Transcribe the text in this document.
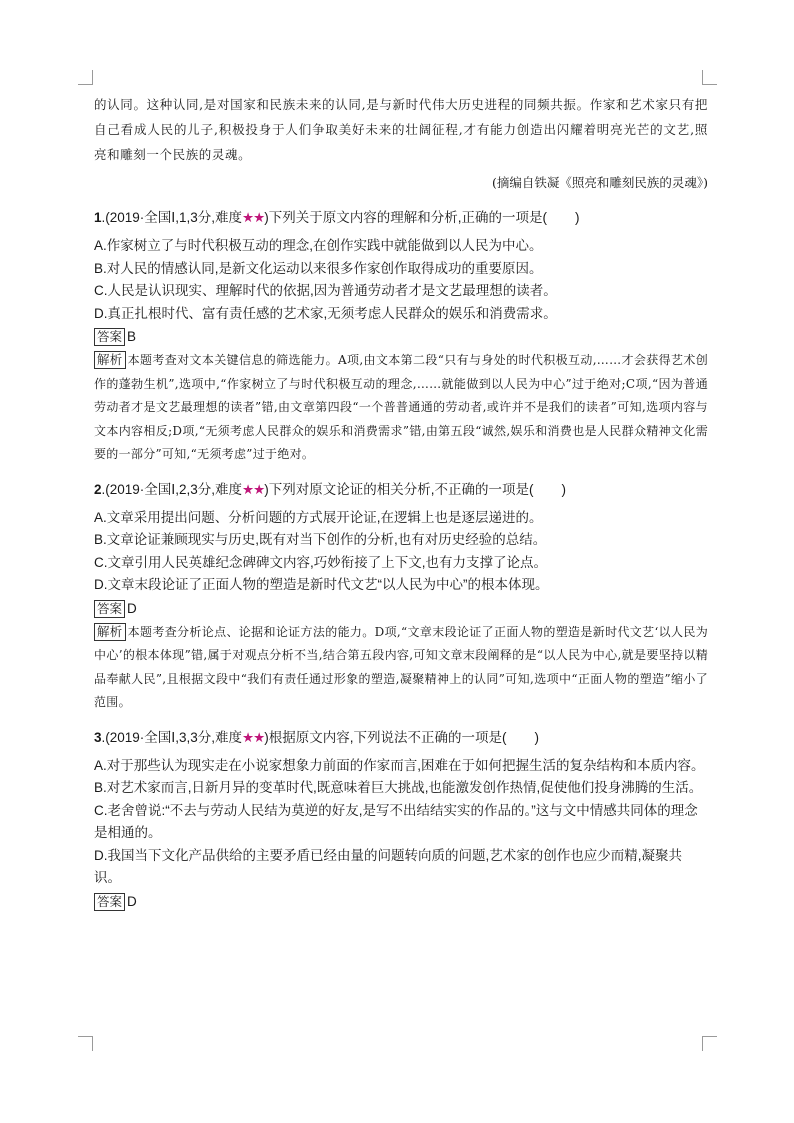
的认同。这种认同,是对国家和民族未来的认同,是与新时代伟大历史进程的同频共振。作家和艺术家只有把自己看成人民的儿子,积极投身于人们争取美好未来的壮阔征程,才有能力创造出闪耀着明亮光芒的文艺,照亮和雕刻一个民族的灵魂。
(摘编自铁凝《照亮和雕刻民族的灵魂》)
1.(2019·全国Ⅰ,1,3分,难度★★)下列关于原文内容的理解和分析,正确的一项是( )
A.作家树立了与时代积极互动的理念,在创作实践中就能做到以人民为中心。
B.对人民的情感认同,是新文化运动以来很多作家创作取得成功的重要原因。
C.人民是认识现实、理解时代的依据,因为普通劳动者才是文艺最理想的读者。
D.真正扎根时代、富有责任感的艺术家,无须考虑人民群众的娱乐和消费需求。
答案 B
解析 本题考查对文本关键信息的筛选能力。A项,由文本第二段“只有与身处的时代积极互动,……才会获得艺术创作的蓬勃生机”,选项中,“作家树立了与时代积极互动的理念,……就能做到以人民为中心”过于绝对;C项,“因为普通劳动者才是文艺最理想的读者”错,由文章第四段“一个普普通通的劳动者,或许并不是我们的读者”可知,选项内容与文本内容相反;D项,“无须考虑人民群众的娱乐和消费需求”错,由第五段“诚然,娱乐和消费也是人民群众精神文化需要的一部分”可知,“无须考虑”过于绝对。
2.(2019·全国Ⅰ,2,3分,难度★★)下列对原文论证的相关分析,不正确的一项是( )
A.文章采用提出问题、分析问题的方式展开论证,在逻辑上也是逐层递进的。
B.文章论证兼顾现实与历史,既有对当下创作的分析,也有对历史经验的总结。
C.文章引用人民英雄纪念碑碑文内容,巧妙衔接了上下文,也有力支撑了论点。
D.文章末段论证了正面人物的塑造是新时代文艺“以人民为中心”的根本体现。
答案 D
解析 本题考查分析论点、论据和论证方法的能力。D项,“文章末段论证了正面人物的塑造是新时代文艺‘以人民为中心’的根本体现”错,属于对观点分析不当,结合第五段内容,可知文章末段阐释的是“以人民为中心,就是要坚持以精品奉献人民”,且根据文段中“我们有责任通过形象的塑造,凝聚精神上的认同”可知,选项中“正面人物的塑造”缩小了范围。
3.(2019·全国Ⅰ,3,3分,难度★★)根据原文内容,下列说法不正确的一项是( )
A.对于那些认为现实走在小说家想象力前面的作家而言,困难在于如何把握生活的复杂结构和本质内容。
B.对艺术家而言,日新月异的变革时代,既意味着巨大挑战,也能激发创作热情,促使他们投身沸腾的生活。
C.老舍曾说:“不去与劳动人民结为莫逆的好友,是写不出结结实实的作品的。”这与文中情感共同体的理念是相通的。
D.我国当下文化产品供给的主要矛盾已经由量的问题转向质的问题,艺术家的创作也应少而精,凝聚共识。
答案 D
